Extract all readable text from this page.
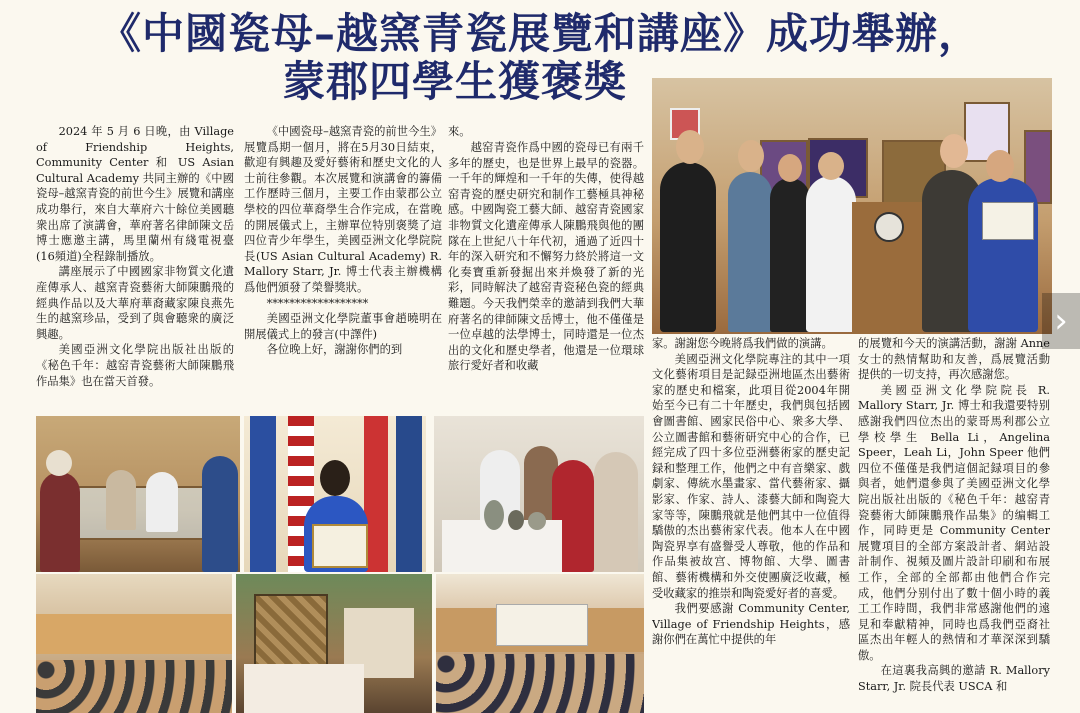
《中國瓷母–越窯青瓷展覽和講座》成功舉辦，
蒙郡四學生獲褒獎

2024 年 5 月 6 日晚，由 Village of Friendship Heights, Community Center 和 US Asian Cultural Academy 共同主辦的《中國瓷母–越窯青瓷的前世今生》展覽和講座成功舉行，來自大華府六十餘位美國聽衆出席了演講會，華府著名律師陳文岳博士應邀主講，馬里蘭州有綫電視臺(16頻道)全程錄制播放。

講座展示了中國國家非物質文化遺産傳承人、越窯青瓷藝術大師陳鵬飛的經典作品以及大華府華裔藏家陳良燕先生的越窯珍品，受到了與會聽衆的廣泛興趣。

美國亞洲文化學院出版社出版的《秘色千年：越窑青瓷藝術大師陳鵬飛作品集》也在當天首發。

《中國瓷母–越窯青瓷的前世今生》展覽爲期一個月，將在5月30日結束，歡迎有興趣及愛好藝術和歷史文化的人士前往參觀。本次展覽和演講會的籌備工作歷時三個月，主要工作由蒙郡公立學校的四位華裔學生合作完成，在當晚的開展儀式上，主辦單位特別褒獎了這四位青少年學生，美國亞洲文化學院院長(US Asian Cultural Academy) R. Mallory Starr, Jr. 博士代表主辦機構爲他們頒發了榮譽獎狀。

******************

美國亞洲文化學院董事會趙曉明在開展儀式上的發言(中譯件)

各位晚上好，謝謝你們的到

來。

越窑青瓷作爲中國的瓷母已有兩千多年的歷史，也是世界上最早的瓷器。一千年的輝煌和一千年的失傳，使得越窑青瓷的歷史研究和制作工藝極具神秘感。中國陶瓷工藝大師、越窑青瓷國家非物質文化遺産傳承人陳鵬飛與他的團隊在上世紀八十年代初，通過了近四十年的深入研究和不懈努力終於將這一文化奏寶重新發掘出來并煥發了新的光彩，同時解決了越窑青瓷秘色瓷的經典難題。今天我們榮幸的邀請到我們大華府著名的律師陳文岳博士，他不僅僅是一位卓越的法學博士，同時還是一位杰出的文化和歷史學者，他還是一位環球旅行愛好者和收藏

家。謝謝您今晚將爲我們做的演講。

美國亞洲文化學院專注的其中一項文化藝術項目是記録亞洲地區杰出藝術家的歷史和檔案，此項目從2004年開始至今已有二十年歷史，我們與包括國會圖書館、國家民俗中心、衆多大學、公立圖書館和藝術研究中心的合作，已經完成了四十多位亞洲藝術家的歷史記録和整理工作，他們之中有音樂家、戲劇家、傳統水墨畫家、當代藝術家、攝影家、作家、詩人、漆藝大師和陶瓷大家等等，陳鵬飛就是他們其中一位值得驕傲的杰出藝術家代表。他本人在中國陶瓷界享有盛譽受人尊敬，他的作品和作品集被故宫、博物館、大學、圖書館、藝術機構和外交使團廣泛收藏，極受收藏家的推崇和陶瓷愛好者的喜愛。

我們要感謝 Community Center, Village of Friendship Heights，感謝你們在萬忙中提供的年

的展覽和今天的演講活動，謝謝 Anne 女士的熱情幫助和友善，爲展覽活動提供的一切支持，再次感謝您。

美國亞洲文化學院院長 R. Mallory Starr, Jr. 博士和我還要特别感謝我們四位杰出的蒙哥馬利郡公立學校學生 Bella Li，Angelina Speer，Leah Li，John Speer 他們四位不僅僅是我們這個記録項目的參與者，她們還參與了美國亞洲文化學院出版社出版的《秘色千年：越窑青瓷藝術大師陳鵬飛作品集》的编輯工作，同時更是 Community Center 展覽項目的全部方案設計者、網站設計制作、視頻及圖片設計印刷和布展工作，全部的全部都由他們合作完成，他們分别付出了數十個小時的義工工作時間，我們非常感謝他們的遠見和奉獻精神，同時也爲我們亞裔社區杰出年輕人的熱情和才華深深到驕傲。

在這裏我高興的邀請 R. Mallory Starr, Jr. 院長代表 USCA 和

›
